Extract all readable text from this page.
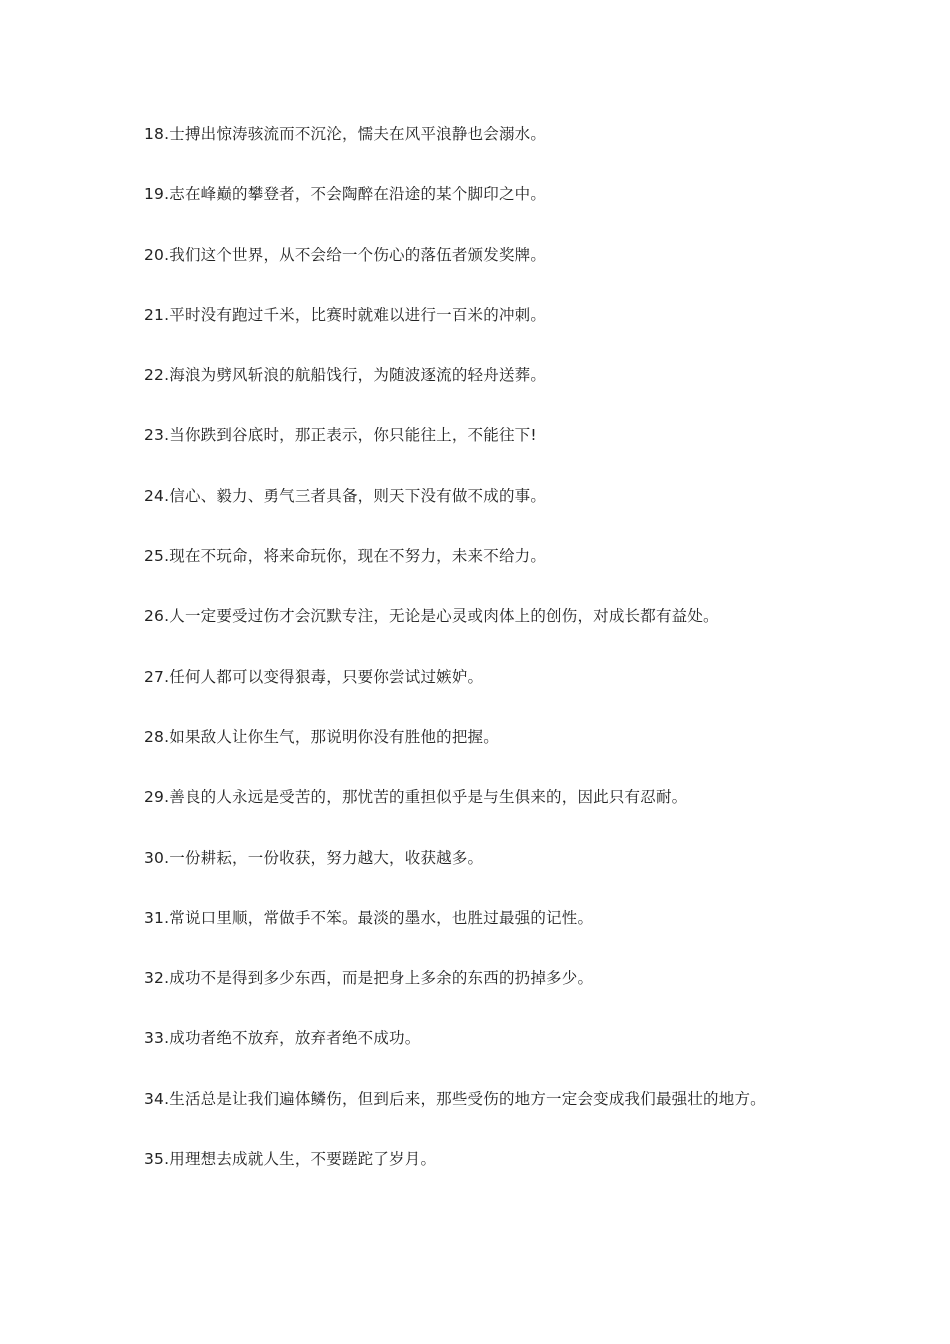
18.士搏出惊涛骇流而不沉沦，懦夫在风平浪静也会溺水。
19.志在峰巅的攀登者，不会陶醉在沿途的某个脚印之中。
20.我们这个世界，从不会给一个伤心的落伍者颁发奖牌。
21.平时没有跑过千米，比赛时就难以进行一百米的冲刺。
22.海浪为劈风斩浪的航船饯行，为随波逐流的轻舟送葬。
23.当你跌到谷底时，那正表示，你只能往上，不能往下!
24.信心、毅力、勇气三者具备，则天下没有做不成的事。
25.现在不玩命，将来命玩你，现在不努力，未来不给力。
26.人一定要受过伤才会沉默专注，无论是心灵或肉体上的创伤，对成长都有益处。
27.任何人都可以变得狠毒，只要你尝试过嫉妒。
28.如果敌人让你生气，那说明你没有胜他的把握。
29.善良的人永远是受苦的，那忧苦的重担似乎是与生俱来的，因此只有忍耐。
30.一份耕耘，一份收获，努力越大，收获越多。
31.常说口里顺，常做手不笨。最淡的墨水，也胜过最强的记性。
32.成功不是得到多少东西，而是把身上多余的东西的扔掉多少。
33.成功者绝不放弃，放弃者绝不成功。
34.生活总是让我们遍体鳞伤，但到后来，那些受伤的地方一定会变成我们最强壮的地方。
35.用理想去成就人生，不要蹉跎了岁月。
